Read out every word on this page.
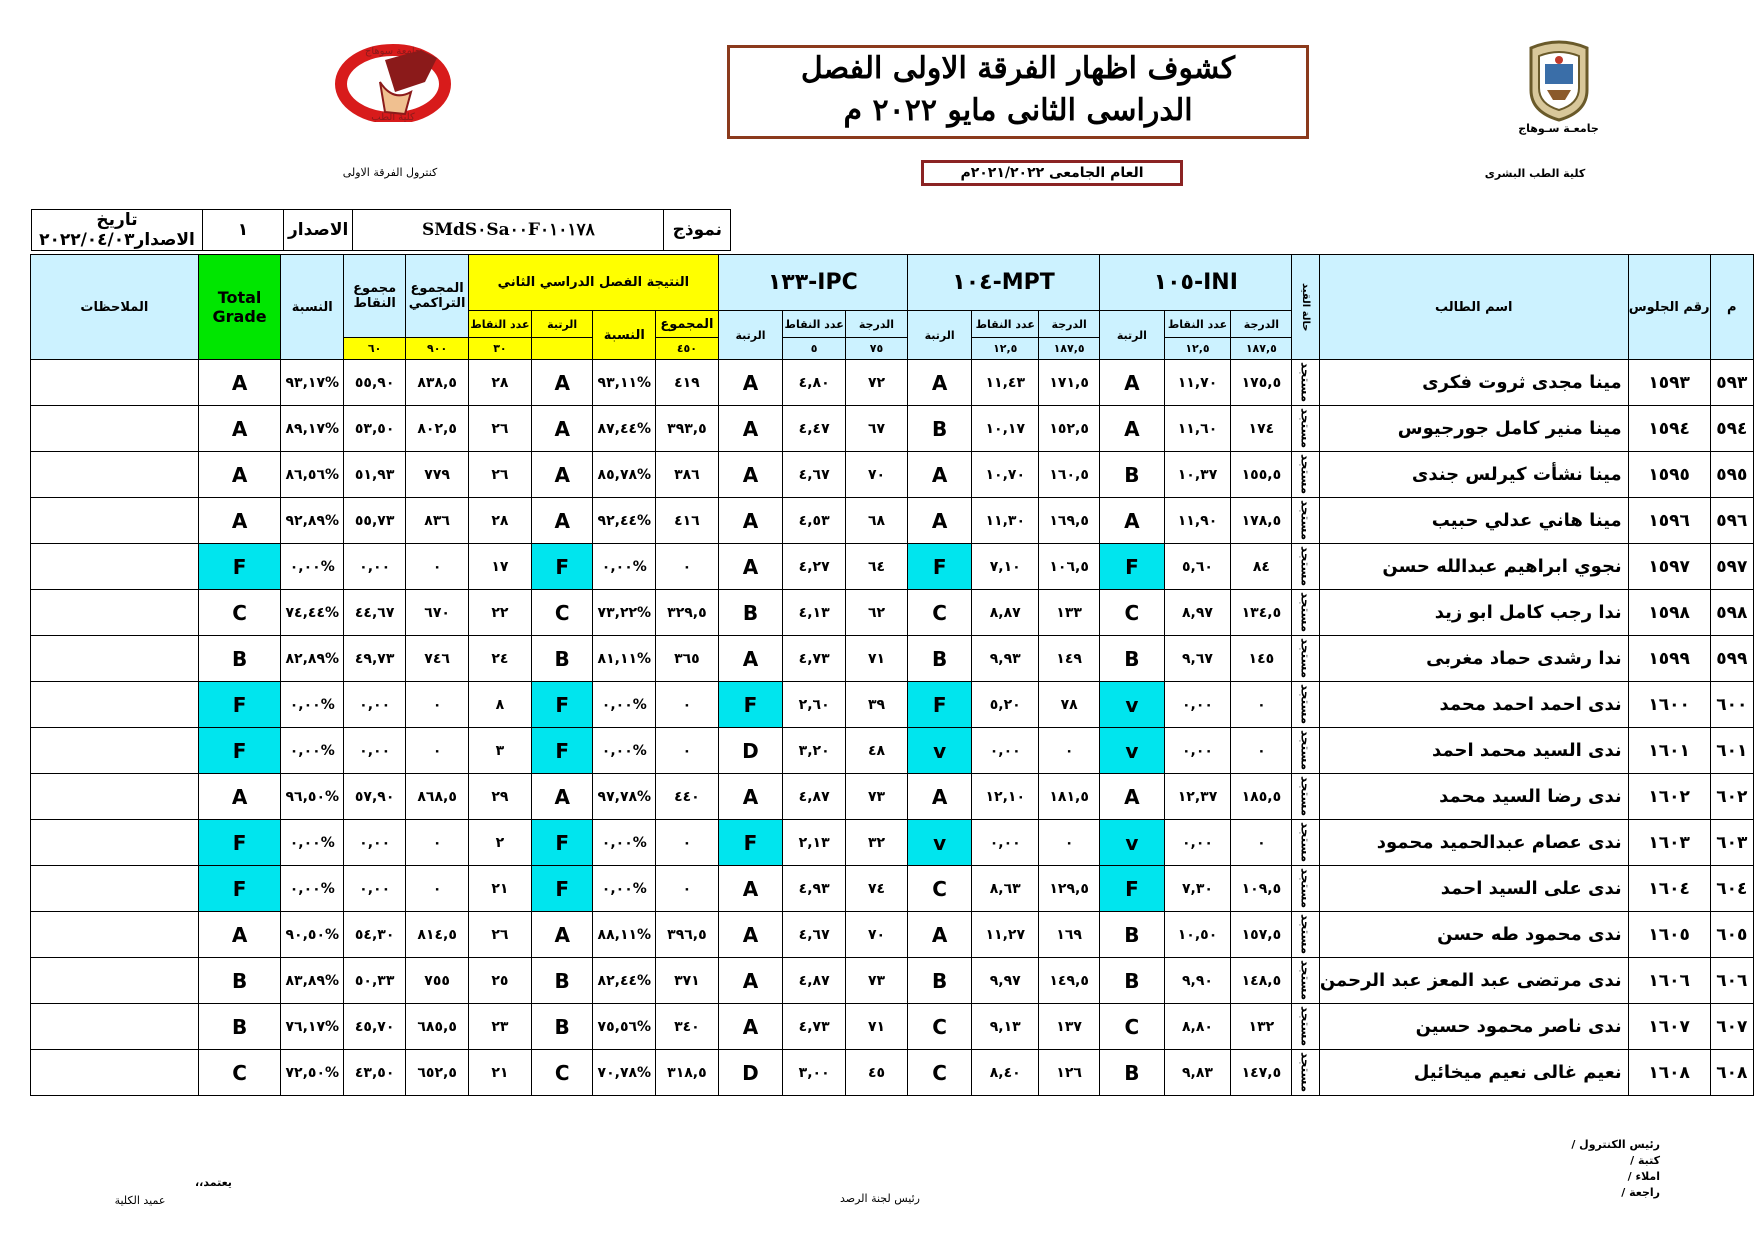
جامعـة سـوهاج
جامعة سوهاج
كلية الطب
كشوف اظهار الفرقة الاولى الفصل
الدراسى الثانى مايو ٢٠٢٢ م
العام الجامعى ٢٠٢١/٢٠٢٢م	كلية الطب البشرى
كنترول الفرقة الاولى
نموذج	SMdS٠Sa٠٠F٠١٠١٧٨	الاصدار	١	تاريخ الاصدار٢٠٢٢/٠٤/٠٣
م	رقم الجلوس	اسم الطالب	حالة القيد	INI-١٠٥			MPT-١٠٤			IPC-١٣٣			النتيجة الفصل الدراسي الثاني				المجموع التراكمي	مجموع النقاط	النسبة	Total Grade	الملاحظات
				الدرجة	عدد النقاط	الرتبة	الدرجة	عدد النقاط	الرتبة	الدرجة	عدد النقاط	الرتبة	المجموع	النسبة	الرتبة	عدد النقاط					
				١٨٧,٥	١٢,٥		١٨٧,٥	١٢,٥		٧٥	٥		٤٥٠			٣٠	٩٠٠	٦٠			
٥٩٣	١٥٩٣	مينا مجدى ثروت فكرى	مستجد	١٧٥,٥	١١,٧٠	A	١٧١,٥	١١,٤٣	A	٧٢	٤,٨٠	A	٤١٩	%٩٣,١١	A	٢٨	٨٣٨,٥	٥٥,٩٠	%٩٣,١٧	A	
٥٩٤	١٥٩٤	مينا منير كامل جورجيوس	مستجد	١٧٤	١١,٦٠	A	١٥٢,٥	١٠,١٧	B	٦٧	٤,٤٧	A	٣٩٣,٥	%٨٧,٤٤	A	٢٦	٨٠٢,٥	٥٣,٥٠	%٨٩,١٧	A	
٥٩٥	١٥٩٥	مينا نشأت كيرلس جندى	مستجد	١٥٥,٥	١٠,٣٧	B	١٦٠,٥	١٠,٧٠	A	٧٠	٤,٦٧	A	٣٨٦	%٨٥,٧٨	A	٢٦	٧٧٩	٥١,٩٣	%٨٦,٥٦	A	
٥٩٦	١٥٩٦	مينا هاني عدلي حبيب	مستجد	١٧٨,٥	١١,٩٠	A	١٦٩,٥	١١,٣٠	A	٦٨	٤,٥٣	A	٤١٦	%٩٢,٤٤	A	٢٨	٨٣٦	٥٥,٧٣	%٩٢,٨٩	A	
٥٩٧	١٥٩٧	نجوي ابراهيم عبدالله حسن	مستجد	٨٤	٥,٦٠	F	١٠٦,٥	٧,١٠	F	٦٤	٤,٢٧	A	٠	%٠,٠٠	F	١٧	٠	٠,٠٠	%٠,٠٠	F	
٥٩٨	١٥٩٨	ندا رجب كامل ابو زيد	مستجد	١٣٤,٥	٨,٩٧	C	١٣٣	٨,٨٧	C	٦٢	٤,١٣	B	٣٢٩,٥	%٧٣,٢٢	C	٢٢	٦٧٠	٤٤,٦٧	%٧٤,٤٤	C	
٥٩٩	١٥٩٩	ندا رشدى حماد مغربى	مستجد	١٤٥	٩,٦٧	B	١٤٩	٩,٩٣	B	٧١	٤,٧٣	A	٣٦٥	%٨١,١١	B	٢٤	٧٤٦	٤٩,٧٣	%٨٢,٨٩	B	
٦٠٠	١٦٠٠	ندى احمد احمد محمد	مستجد	٠	٠,٠٠	v	٧٨	٥,٢٠	F	٣٩	٢,٦٠	F	٠	%٠,٠٠	F	٨	٠	٠,٠٠	%٠,٠٠	F	
٦٠١	١٦٠١	ندى السيد محمد احمد	مستجد	٠	٠,٠٠	v	٠	٠,٠٠	v	٤٨	٣,٢٠	D	٠	%٠,٠٠	F	٣	٠	٠,٠٠	%٠,٠٠	F	
٦٠٢	١٦٠٢	ندى رضا السيد محمد	مستجد	١٨٥,٥	١٢,٣٧	A	١٨١,٥	١٢,١٠	A	٧٣	٤,٨٧	A	٤٤٠	%٩٧,٧٨	A	٢٩	٨٦٨,٥	٥٧,٩٠	%٩٦,٥٠	A	
٦٠٣	١٦٠٣	ندى عصام عبدالحميد محمود	مستجد	٠	٠,٠٠	v	٠	٠,٠٠	v	٣٢	٢,١٣	F	٠	%٠,٠٠	F	٢	٠	٠,٠٠	%٠,٠٠	F	
٦٠٤	١٦٠٤	ندى على السيد احمد	مستجد	١٠٩,٥	٧,٣٠	F	١٢٩,٥	٨,٦٣	C	٧٤	٤,٩٣	A	٠	%٠,٠٠	F	٢١	٠	٠,٠٠	%٠,٠٠	F	
٦٠٥	١٦٠٥	ندى محمود طه حسن	مستجد	١٥٧,٥	١٠,٥٠	B	١٦٩	١١,٢٧	A	٧٠	٤,٦٧	A	٣٩٦,٥	%٨٨,١١	A	٢٦	٨١٤,٥	٥٤,٣٠	%٩٠,٥٠	A	
٦٠٦	١٦٠٦	ندى مرتضى عبد المعز عبد الرحمن	مستجد	١٤٨,٥	٩,٩٠	B	١٤٩,٥	٩,٩٧	B	٧٣	٤,٨٧	A	٣٧١	%٨٢,٤٤	B	٢٥	٧٥٥	٥٠,٣٣	%٨٣,٨٩	B	
٦٠٧	١٦٠٧	ندى ناصر محمود حسين	مستجد	١٣٢	٨,٨٠	C	١٣٧	٩,١٣	C	٧١	٤,٧٣	A	٣٤٠	%٧٥,٥٦	B	٢٣	٦٨٥,٥	٤٥,٧٠	%٧٦,١٧	B	
٦٠٨	١٦٠٨	نعيم غالى نعيم ميخائيل	مستجد	١٤٧,٥	٩,٨٣	B	١٢٦	٨,٤٠	C	٤٥	٣,٠٠	D	٣١٨,٥	%٧٠,٧٨	C	٢١	٦٥٢,٥	٤٣,٥٠	%٧٢,٥٠	C	
رئيس الكنترول /
كتبة /
املاء /
راجعة /
رئيس لجنة الرصد
يعتمد،،
عميد الكلية
